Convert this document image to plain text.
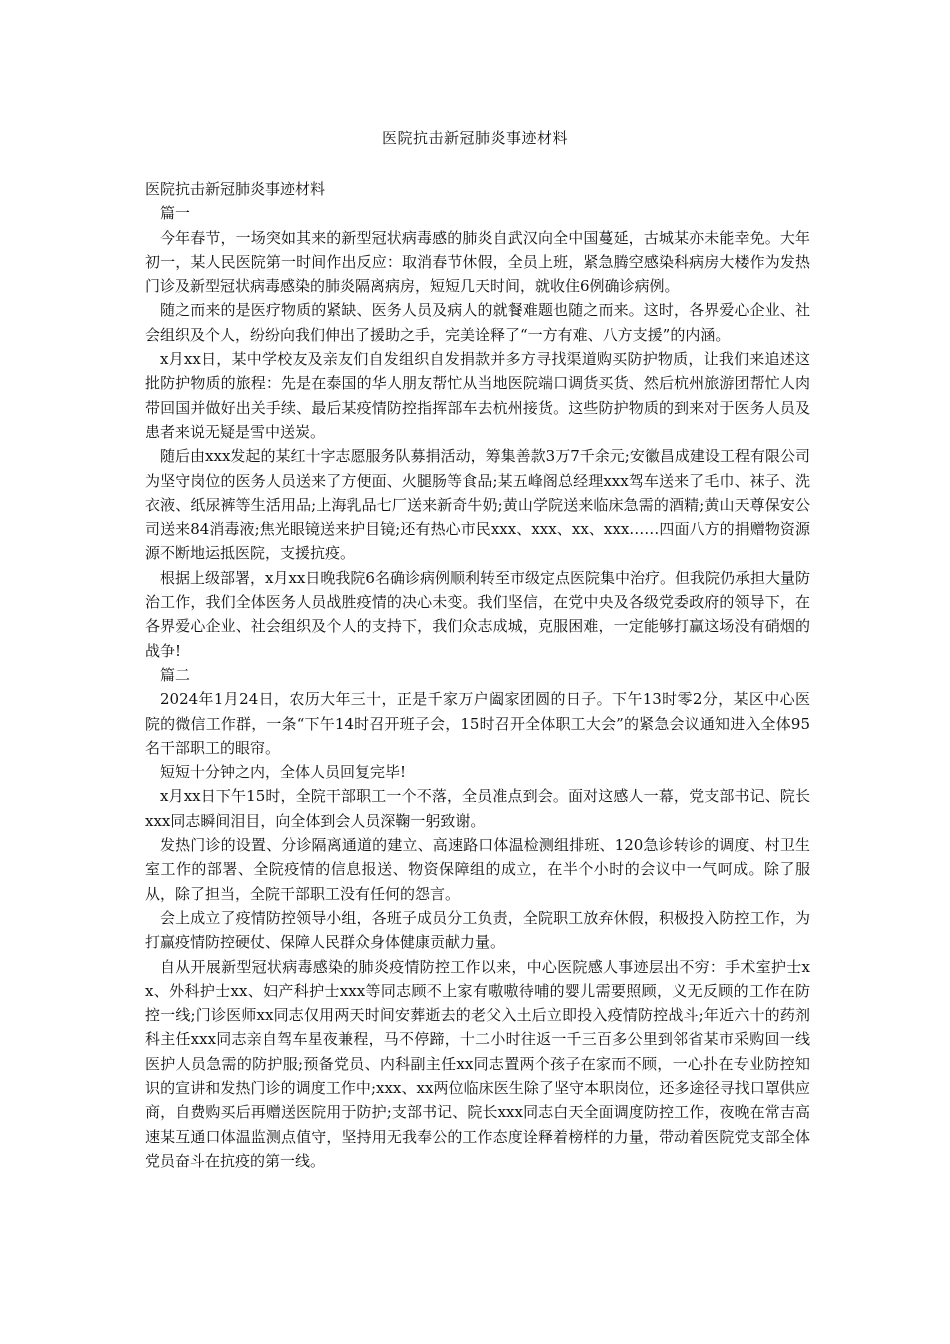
医院抗击新冠肺炎事迹材料

医院抗击新冠肺炎事迹材料

篇一

今年春节，一场突如其来的新型冠状病毒感的肺炎自武汉向全中国蔓延，古城某亦未能幸免。大年初一，某人民医院第一时间作出反应：取消春节休假，全员上班，紧急腾空感染科病房大楼作为发热门诊及新型冠状病毒感染的肺炎隔离病房，短短几天时间，就收住6例确诊病例。

随之而来的是医疗物质的紧缺、医务人员及病人的就餐难题也随之而来。这时，各界爱心企业、社会组织及个人，纷纷向我们伸出了援助之手，完美诠释了“一方有难、八方支援”的内涵。

x月xx日，某中学校友及亲友们自发组织自发捐款并多方寻找渠道购买防护物质，让我们来追述这批防护物质的旅程：先是在泰国的华人朋友帮忙从当地医院端口调货买货、然后杭州旅游团帮忙人肉带回国并做好出关手续、最后某疫情防控指挥部车去杭州接货。这些防护物质的到来对于医务人员及患者来说无疑是雪中送炭。

随后由xxx发起的某红十字志愿服务队募捐活动，筹集善款3万7千余元;安徽昌成建设工程有限公司为坚守岗位的医务人员送来了方便面、火腿肠等食品;某五峰阁总经理xxx驾车送来了毛巾、袜子、洗衣液、纸尿裤等生活用品;上海乳品七厂送来新奇牛奶;黄山学院送来临床急需的酒精;黄山天尊保安公司送来84消毒液;焦光眼镜送来护目镜;还有热心市民xxx、xxx、xx、xxx……四面八方的捐赠物资源源不断地运抵医院，支援抗疫。

根据上级部署，x月xx日晚我院6名确诊病例顺利转至市级定点医院集中治疗。但我院仍承担大量防治工作，我们全体医务人员战胜疫情的决心未变。我们坚信，在党中央及各级党委政府的领导下，在各界爱心企业、社会组织及个人的支持下，我们众志成城，克服困难，一定能够打赢这场没有硝烟的战争!

篇二

2024年1月24日，农历大年三十，正是千家万户阖家团圆的日子。下午13时零2分，某区中心医院的微信工作群，一条“下午14时召开班子会，15时召开全体职工大会”的紧急会议通知进入全体95名干部职工的眼帘。

短短十分钟之内，全体人员回复完毕!

x月xx日下午15时，全院干部职工一个不落，全员准点到会。面对这感人一幕，党支部书记、院长xxx同志瞬间泪目，向全体到会人员深鞠一躬致谢。

发热门诊的设置、分诊隔离通道的建立、高速路口体温检测组排班、120急诊转诊的调度、村卫生室工作的部署、全院疫情的信息报送、物资保障组的成立，在半个小时的会议中一气呵成。除了服从，除了担当，全院干部职工没有任何的怨言。

会上成立了疫情防控领导小组，各班子成员分工负责，全院职工放弃休假，积极投入防控工作，为打赢疫情防控硬仗、保障人民群众身体健康贡献力量。

自从开展新型冠状病毒感染的肺炎疫情防控工作以来，中心医院感人事迹层出不穷：手术室护士xx、外科护士xx、妇产科护士xxx等同志顾不上家有嗷嗷待哺的婴儿需要照顾，义无反顾的工作在防控一线;门诊医师xx同志仅用两天时间安葬逝去的老父入土后立即投入疫情防控战斗;年近六十的药剂科主任xxx同志亲自驾车星夜兼程，马不停蹄，十二小时往返一千三百多公里到邻省某市采购回一线医护人员急需的防护服;预备党员、内科副主任xx同志置两个孩子在家而不顾，一心扑在专业防控知识的宣讲和发热门诊的调度工作中;xxx、xx两位临床医生除了坚守本职岗位，还多途径寻找口罩供应商，自费购买后再赠送医院用于防护;支部书记、院长xxx同志白天全面调度防控工作，夜晚在常吉高速某互通口体温监测点值守，坚持用无我奉公的工作态度诠释着榜样的力量，带动着医院党支部全体党员奋斗在抗疫的第一线。
